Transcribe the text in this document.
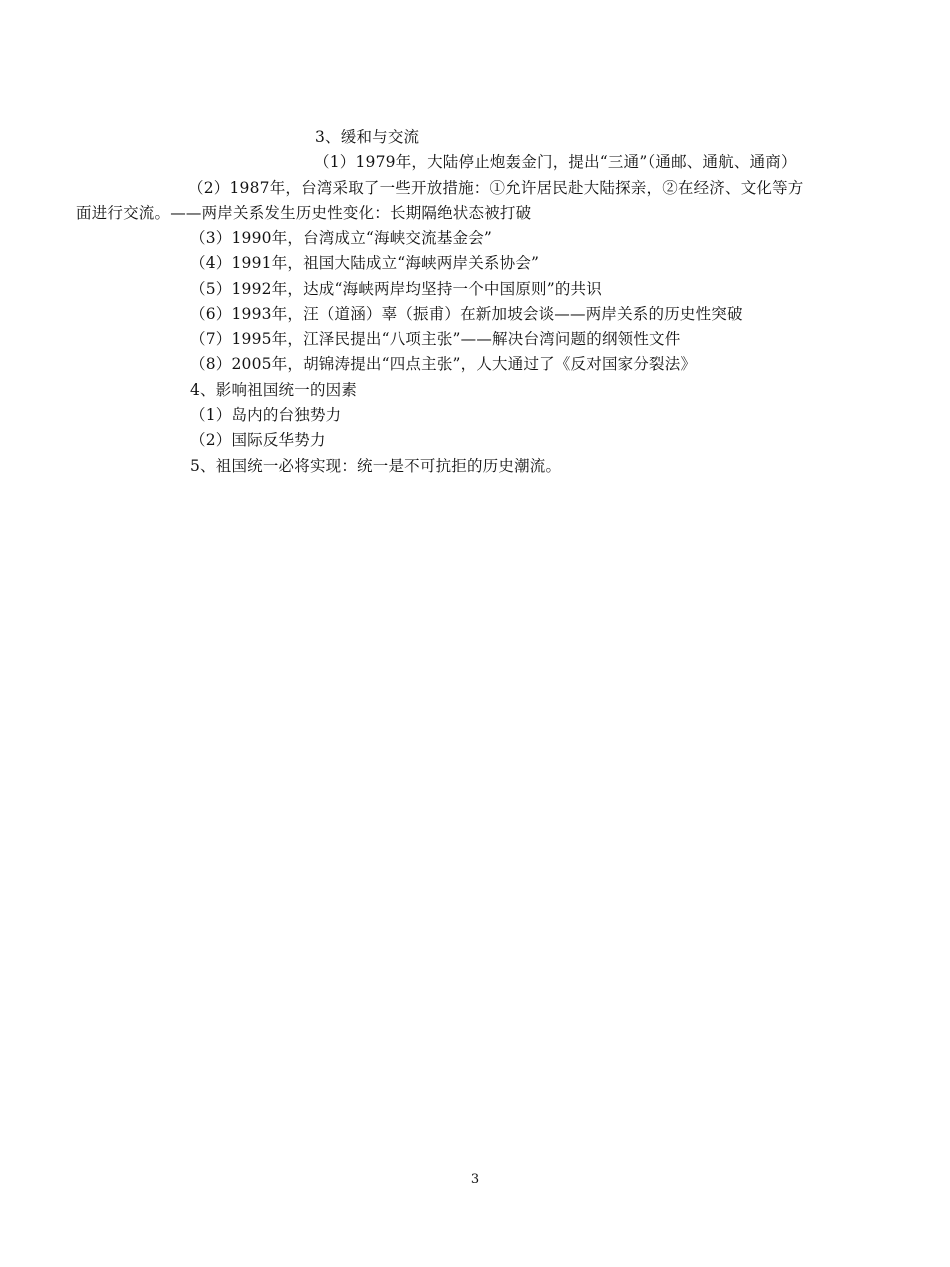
3、缓和与交流
（1）1979年，大陆停止炮轰金门，提出“三通”（通邮、通航、通商）
（2）1987年，台湾采取了一些开放措施：①允许居民赴大陆探亲，②在经济、文化等方
面进行交流。——两岸关系发生历史性变化：长期隔绝状态被打破
（3）1990年，台湾成立“海峡交流基金会”
（4）1991年，祖国大陆成立“海峡两岸关系协会”
（5）1992年，达成“海峡两岸均坚持一个中国原则”的共识
（6）1993年，汪（道涵）辜（振甫）在新加坡会谈——两岸关系的历史性突破
（7）1995年，江泽民提出“八项主张”——解决台湾问题的纲领性文件
（8）2005年，胡锦涛提出“四点主张”，人大通过了《反对国家分裂法》
4、影响祖国统一的因素
（1）岛内的台独势力
（2）国际反华势力
5、祖国统一必将实现：统一是不可抗拒的历史潮流。
3
